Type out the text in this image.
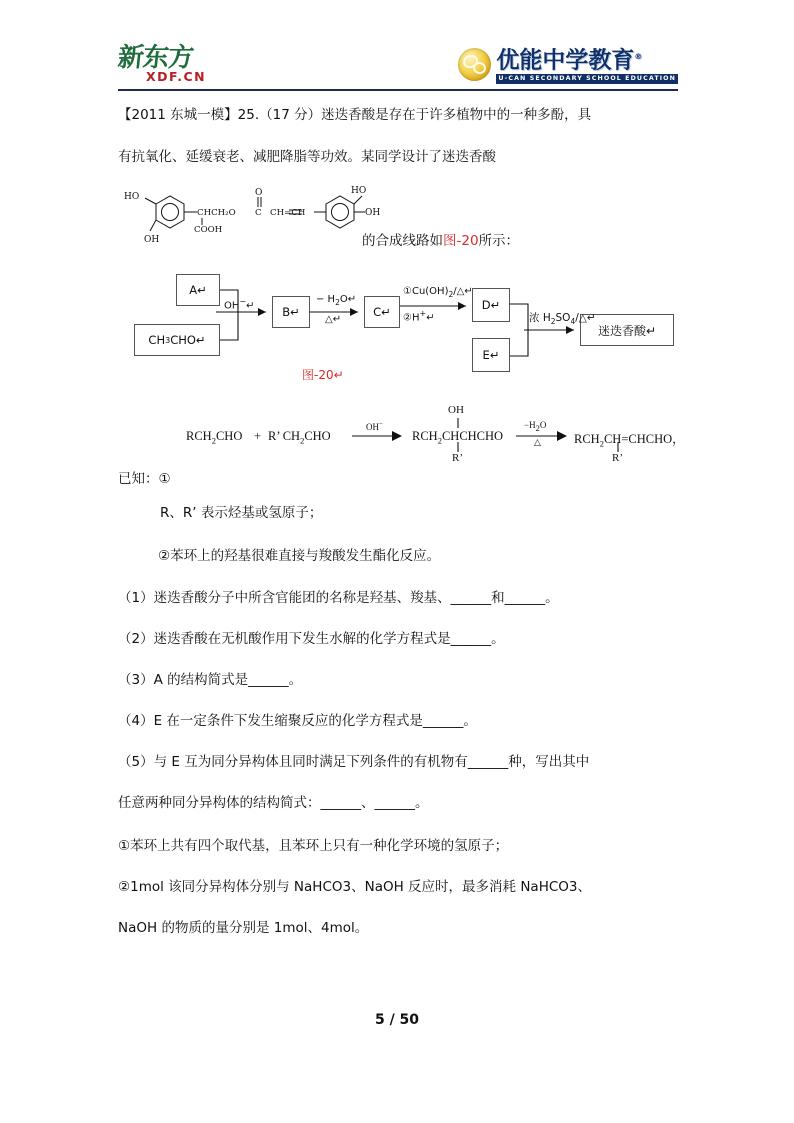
新东方
XDF.CN
优能中学教育®
U-CAN SECONDARY SCHOOL EDUCATION
【2011 东城一模】25.（17 分）迷迭香酸是存在于许多植物中的一种多酚，具
有抗氧化、延缓衰老、减肥降脂等功效。某同学设计了迷迭香酸
HO
OH
CHCH₂O
COOH
O
C CH=CH
HO
OH
的合成线路如图-20所示：
A↵
CH 3 CHO↵
B↵	C↵	D↵
E↵
迷迭香酸↵
OH−↵
− $H_2O↵$
△↵
$①Cu(OH)_2/\triangle↵$
②H+↵	浓 $H_2SO_4/\triangle↵$
图-20↵
$RCH_2CHO + R$’ $CH_2CHO$
OH−
OH
$RCH_2CHCHCHO$
R’
$-H_2O$
△	$RCH_2CH=CHCHO$，
R’
已知：①
R、R’ 表示烃基或氢原子；
②苯环上的羟基很难直接与羧酸发生酯化反应。
（1）迷迭香酸分子中所含官能团的名称是羟基、羧基、______和______。
（2）迷迭香酸在无机酸作用下发生水解的化学方程式是______。
（3）A 的结构简式是______。
（4）E 在一定条件下发生缩聚反应的化学方程式是______。
（5）与 E 互为同分异构体且同时满足下列条件的有机物有______种，写出其中
任意两种同分异构体的结构简式：______、______。
①苯环上共有四个取代基，且苯环上只有一种化学环境的氢原子；
②1mol 该同分异构体分别与 NaHCO3、NaOH 反应时，最多消耗 NaHCO3、
NaOH 的物质的量分别是 1mol、4mol。
5 / 50
